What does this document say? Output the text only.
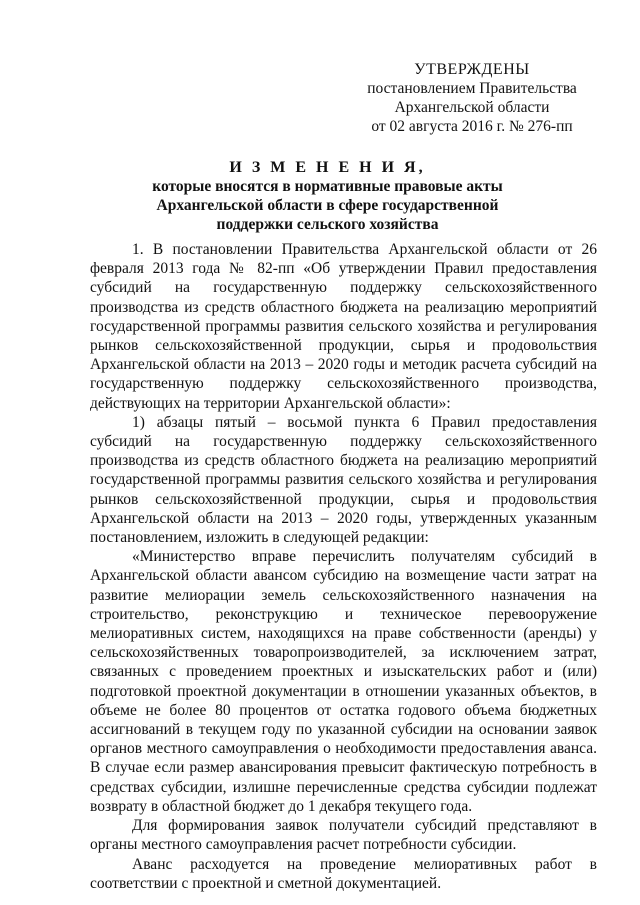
УТВЕРЖДЕНЫ
постановлением Правительства
Архангельской области
от 02 августа 2016 г. № 276-пп
И З М Е Н Е Н И Я,
которые вносятся в нормативные правовые акты
Архангельской области в сфере государственной
поддержки сельского хозяйства

1. В постановлении Правительства Архангельской области от 26 февраля 2013 года № 82-пп «Об утверждении Правил предоставления субсидий на государственную поддержку сельскохозяйственного производства из средств областного бюджета на реализацию мероприятий государственной программы развития сельского хозяйства и регулирования рынков сельскохозяйственной продукции, сырья и продовольствия Архангельской области на 2013 – 2020 годы и методик расчета субсидий на государственную поддержку сельскохозяйственного производства, действующих на территории Архангельской области»:

1) абзацы пятый – восьмой пункта 6 Правил предоставления субсидий на государственную поддержку сельскохозяйственного производства из средств областного бюджета на реализацию мероприятий государственной программы развития сельского хозяйства и регулирования рынков сельскохозяйственной продукции, сырья и продовольствия Архангельской области на 2013 – 2020 годы, утвержденных указанным постановлением, изложить в следующей редакции:

«Министерство вправе перечислить получателям субсидий в Архангельской области авансом субсидию на возмещение части затрат на развитие мелиорации земель сельскохозяйственного назначения на строительство, реконструкцию и техническое перевооружение мелиоративных систем, находящихся на праве собственности (аренды) у сельскохозяйственных товаропроизводителей, за исключением затрат, связанных с проведением проектных и изыскательских работ и (или) подготовкой проектной документации в отношении указанных объектов, в объеме не более 80 процентов от остатка годового объема бюджетных ассигнований в текущем году по указанной субсидии на основании заявок органов местного самоуправления о необходимости предоставления аванса. В случае если размер авансирования превысит фактическую потребность в средствах субсидии, излишне перечисленные средства субсидии подлежат возврату в областной бюджет до 1 декабря текущего года.

Для формирования заявок получатели субсидий представляют в органы местного самоуправления расчет потребности субсидии.

Аванс расходуется на проведение мелиоративных работ в соответствии с проектной и сметной документацией.
